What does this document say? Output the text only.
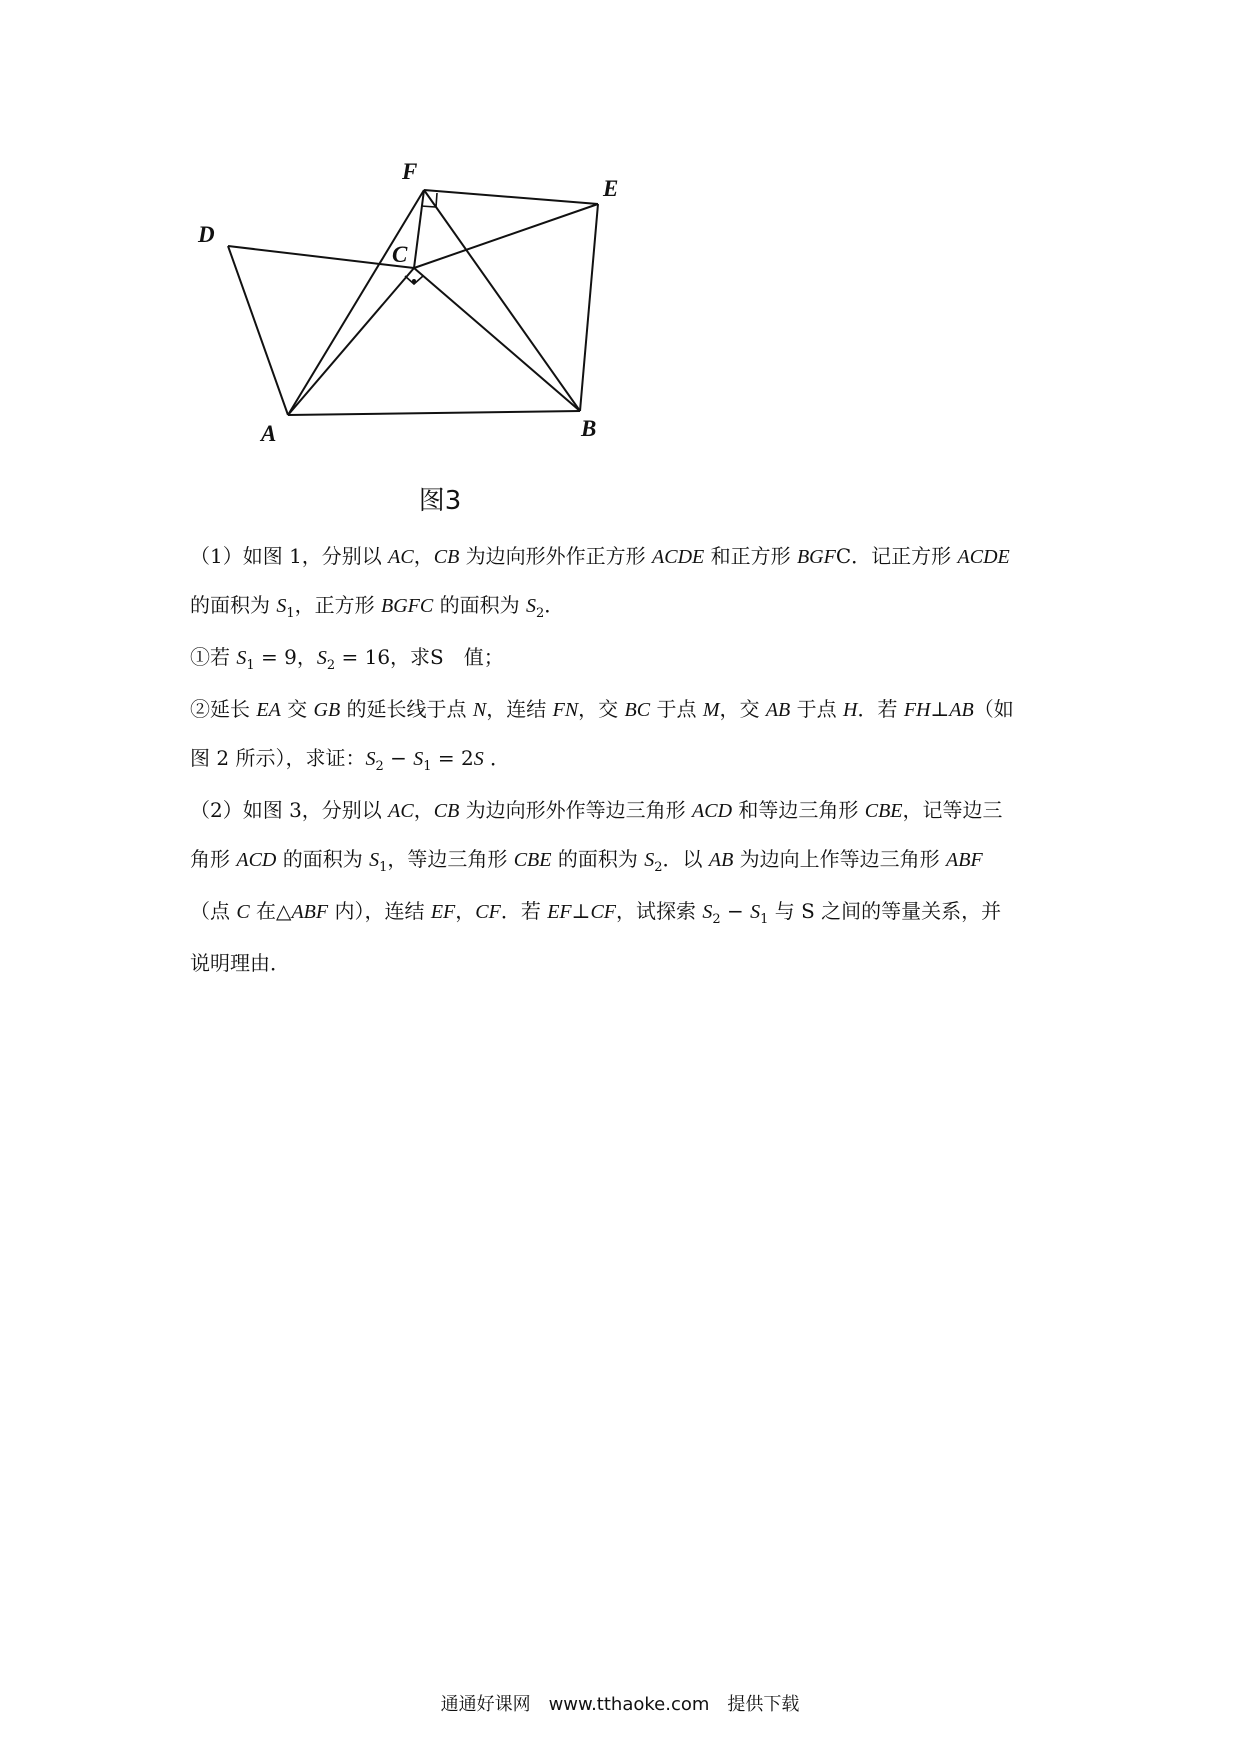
F
E
D
C
A	B
图3
（1）如图 1，分别以 AC ， CB 为边向形外作正方形 ACDE 和正方形 BGF C．记正方形 ACDE
的面积为 S 1 ，正方形 BGFC 的面积为 S 2 ．
①若 S 1 = 9， S 2 = 16，求S　值；
②延长 EA 交 GB 的延长线于点 N ，连结 FN ，交 BC 于点 M ，交 AB 于点 H ．若 FH ⊥ AB （如
图 2 所示），求证： S 2 − S 1 = 2 S ．
（2）如图 3，分别以 AC ， CB 为边向形外作等边三角形 ACD 和等边三角形 CBE ，记等边三
角形 ACD 的面积为 S 1 ，等边三角形 CBE 的面积为 S 2 ．以 AB 为边向上作等边三角形 ABF
（点 C 在△ ABF 内），连结 EF ， CF ．若 EF ⊥ CF ，试探索 S 2 − S 1 与 S 之间的等量关系，并
说明理由．
通通好课网　www.tthaoke.com　提供下载
